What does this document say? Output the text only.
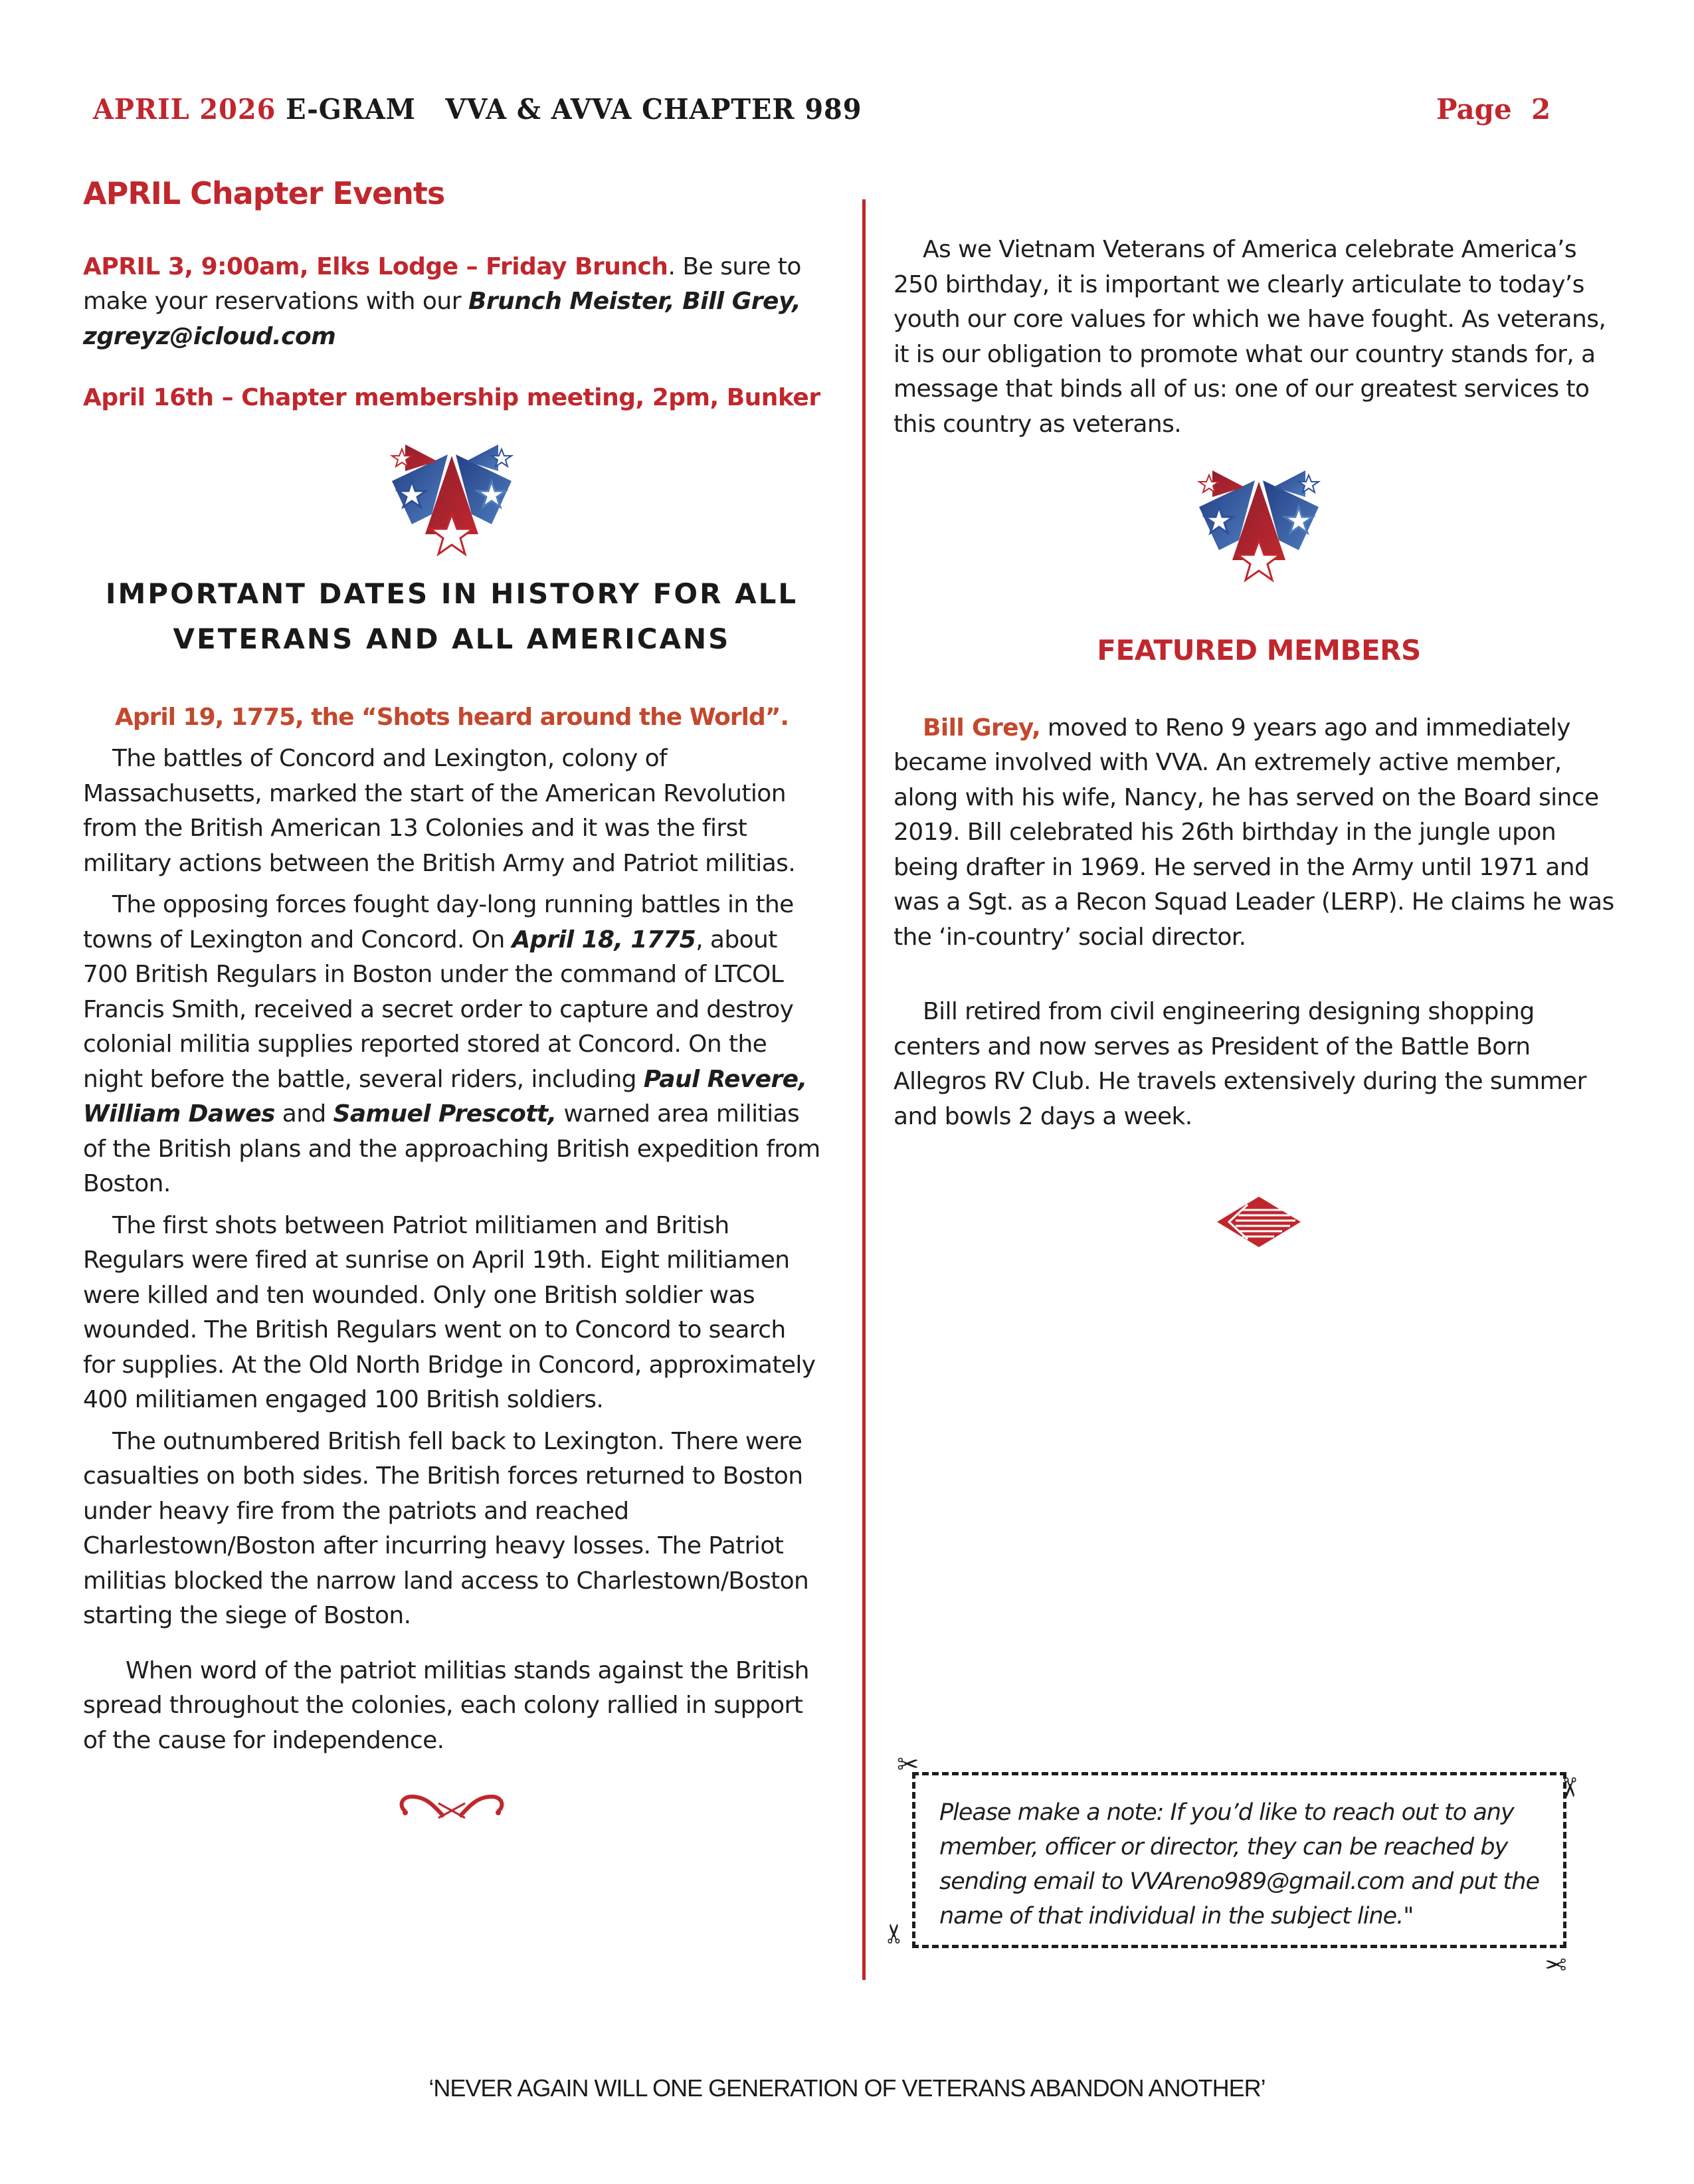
APRIL 2026 E-GRAM   VVA & AVVA CHAPTER 989	Page  2
APRIL Chapter Events
APRIL 3, 9:00am, Elks Lodge – Friday Brunch. Be sure to make your reservations with our Brunch Meister, Bill Grey, zgreyz@icloud.com
April 16th – Chapter membership meeting, 2pm, Bunker
IMPORTANT DATES IN HISTORY FOR ALL
VETERANS AND ALL AMERICANS
April 19, 1775, the “Shots heard around the World”.

The battles of Concord and Lexington, colony of Massachusetts, marked the start of the American Revolution from the British American 13 Colonies and it was the first military actions between the British Army and Patriot militias.

The opposing forces fought day-long running battles in the towns of Lexington and Concord. On April 18, 1775, about 700 British Regulars in Boston under the command of LTCOL Francis Smith, received a secret order to capture and destroy colonial militia supplies reported stored at Concord. On the night before the battle, several riders, including Paul Revere, William Dawes and Samuel Prescott, warned area militias of the British plans and the approaching British expedition from Boston.

The first shots between Patriot militiamen and British Regulars were fired at sunrise on April 19th. Eight militiamen were killed and ten wounded. Only one British soldier was wounded. The British Regulars went on to Concord to search for supplies. At the Old North Bridge in Concord, approximately 400 militiamen engaged 100 British soldiers.

The outnumbered British fell back to Lexington. There were casualties on both sides. The British forces returned to Boston under heavy fire from the patriots and reached Charlestown/Boston after incurring heavy losses. The Patriot militias blocked the narrow land access to Charlestown/Boston starting the siege of Boston.

When word of the patriot militias stands against the British spread throughout the colonies, each colony rallied in support of the cause for independence.

As we Vietnam Veterans of America celebrate America’s 250 birthday, it is important we clearly articulate to today’s youth our core values for which we have fought. As veterans, it is our obligation to promote what our country stands for, a message that binds all of us: one of our greatest services to this country as veterans.

FEATURED MEMBERS

Bill Grey, moved to Reno 9 years ago and immediately became involved with VVA. An extremely active member, along with his wife, Nancy, he has served on the Board since 2019. Bill celebrated his 26th birthday in the jungle upon being drafter in 1969. He served in the Army until 1971 and was a Sgt. as a Recon Squad Leader (LERP). He claims he was the ‘in-country’ social director.

Bill retired from civil engineering designing shopping centers and now serves as President of the Battle Born Allegros RV Club. He travels extensively during the summer and bowls 2 days a week.

Please make a note: If you’d like to reach out to any member, officer or director, they can be reached by sending email to VVAreno989@gmail.com and put the name of that individual in the subject line."
✂
✂
✂
✂
‘NEVER AGAIN WILL ONE GENERATION OF VETERANS ABANDON ANOTHER’
